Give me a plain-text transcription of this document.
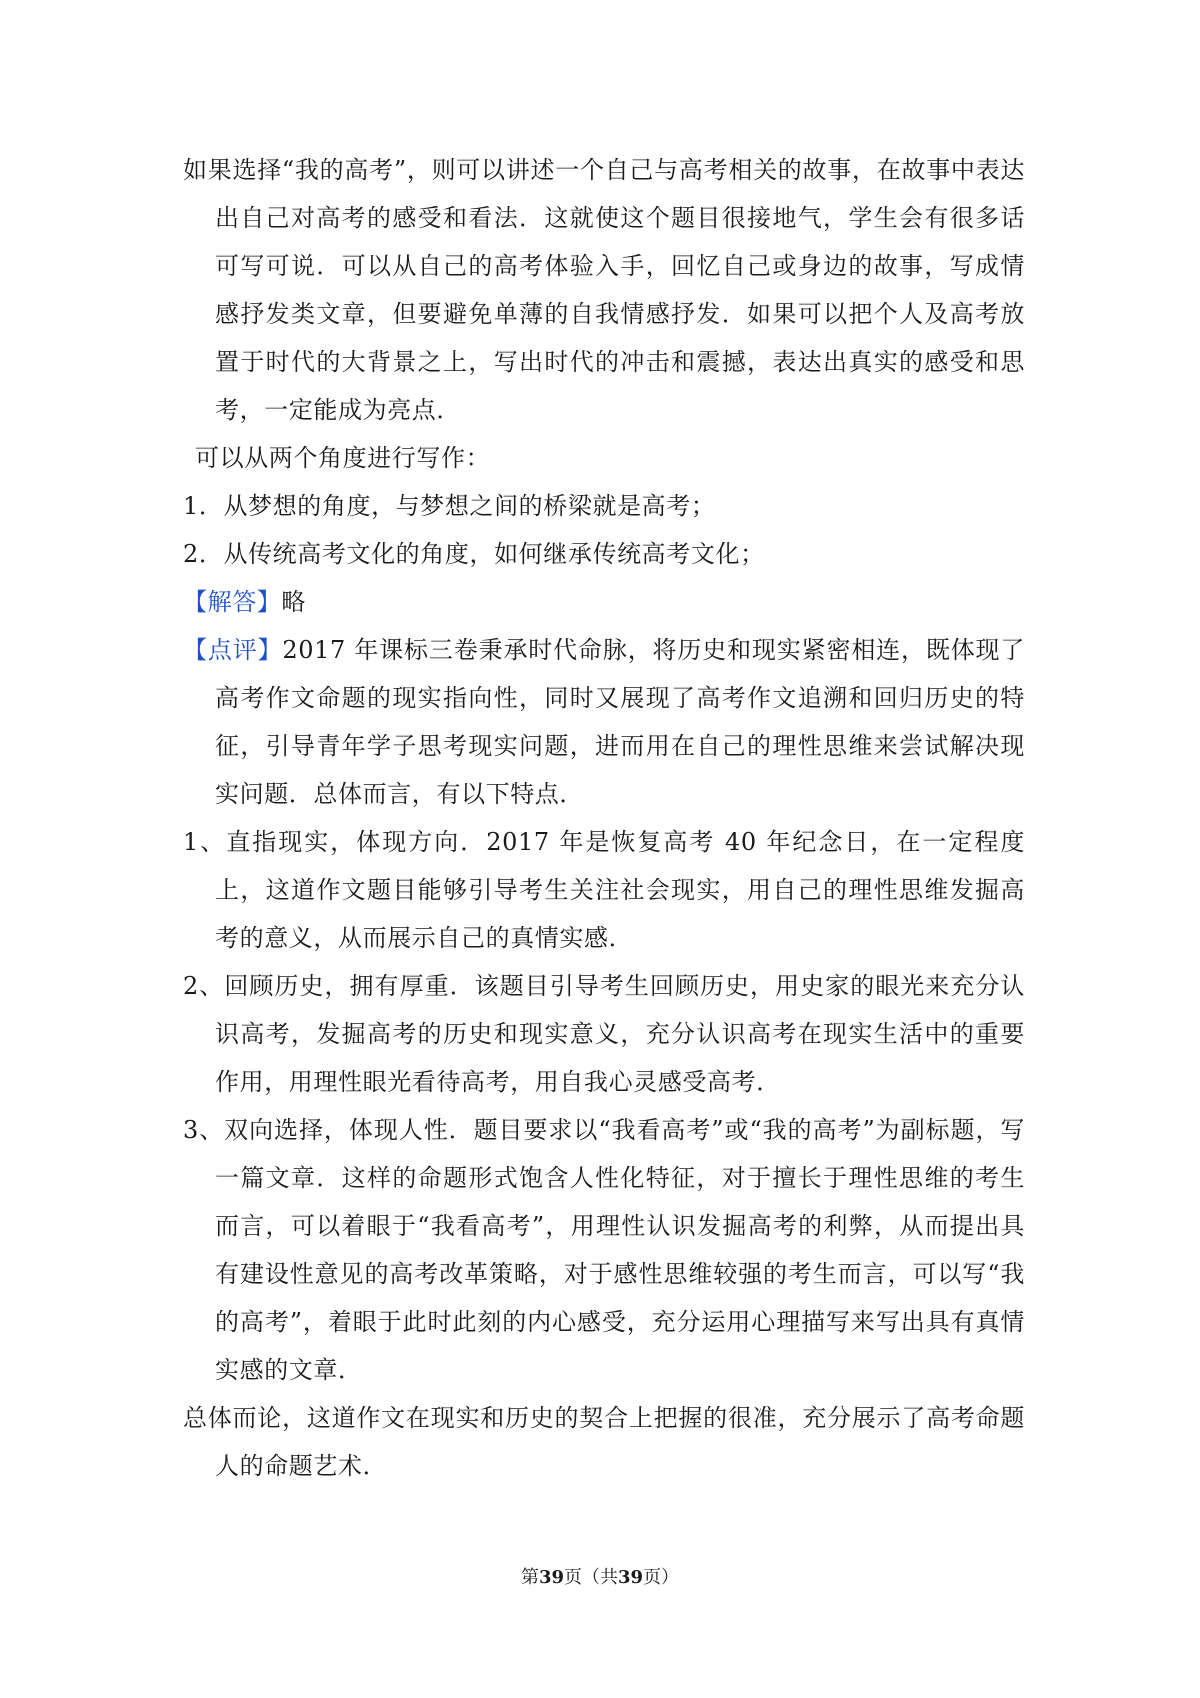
如果选择“我的高考”，则可以讲述一个自己与高考相关的故事，在故事中表达出自己对高考的感受和看法．这就使这个题目很接地气，学生会有很多话可写可说．可以从自己的高考体验入手，回忆自己或身边的故事，写成情感抒发类文章，但要避免单薄的自我情感抒发．如果可以把个人及高考放置于时代的大背景之上，写出时代的冲击和震撼，表达出真实的感受和思考，一定能成为亮点．

可以从两个角度进行写作：

1．从梦想的角度，与梦想之间的桥梁就是高考；

2．从传统高考文化的角度，如何继承传统高考文化；

【解答】略

【点评】2017 年课标三卷秉承时代命脉，将历史和现实紧密相连，既体现了高考作文命题的现实指向性，同时又展现了高考作文追溯和回归历史的特征，引导青年学子思考现实问题，进而用在自己的理性思维来尝试解决现实问题．总体而言，有以下特点．

1、直指现实，体现方向．2017 年是恢复高考 40 年纪念日，在一定程度上，这道作文题目能够引导考生关注社会现实，用自己的理性思维发掘高考的意义，从而展示自己的真情实感．

2、回顾历史，拥有厚重．该题目引导考生回顾历史，用史家的眼光来充分认识高考，发掘高考的历史和现实意义，充分认识高考在现实生活中的重要作用，用理性眼光看待高考，用自我心灵感受高考．

3、双向选择，体现人性．题目要求以“我看高考”或“我的高考”为副标题，写一篇文章．这样的命题形式饱含人性化特征，对于擅长于理性思维的考生而言，可以着眼于“我看高考”，用理性认识发掘高考的利弊，从而提出具有建设性意见的高考改革策略，对于感性思维较强的考生而言，可以写“我的高考”，着眼于此时此刻的内心感受，充分运用心理描写来写出具有真情实感的文章．

总体而论，这道作文在现实和历史的契合上把握的很准，充分展示了高考命题人的命题艺术．

第39页（共39页）
